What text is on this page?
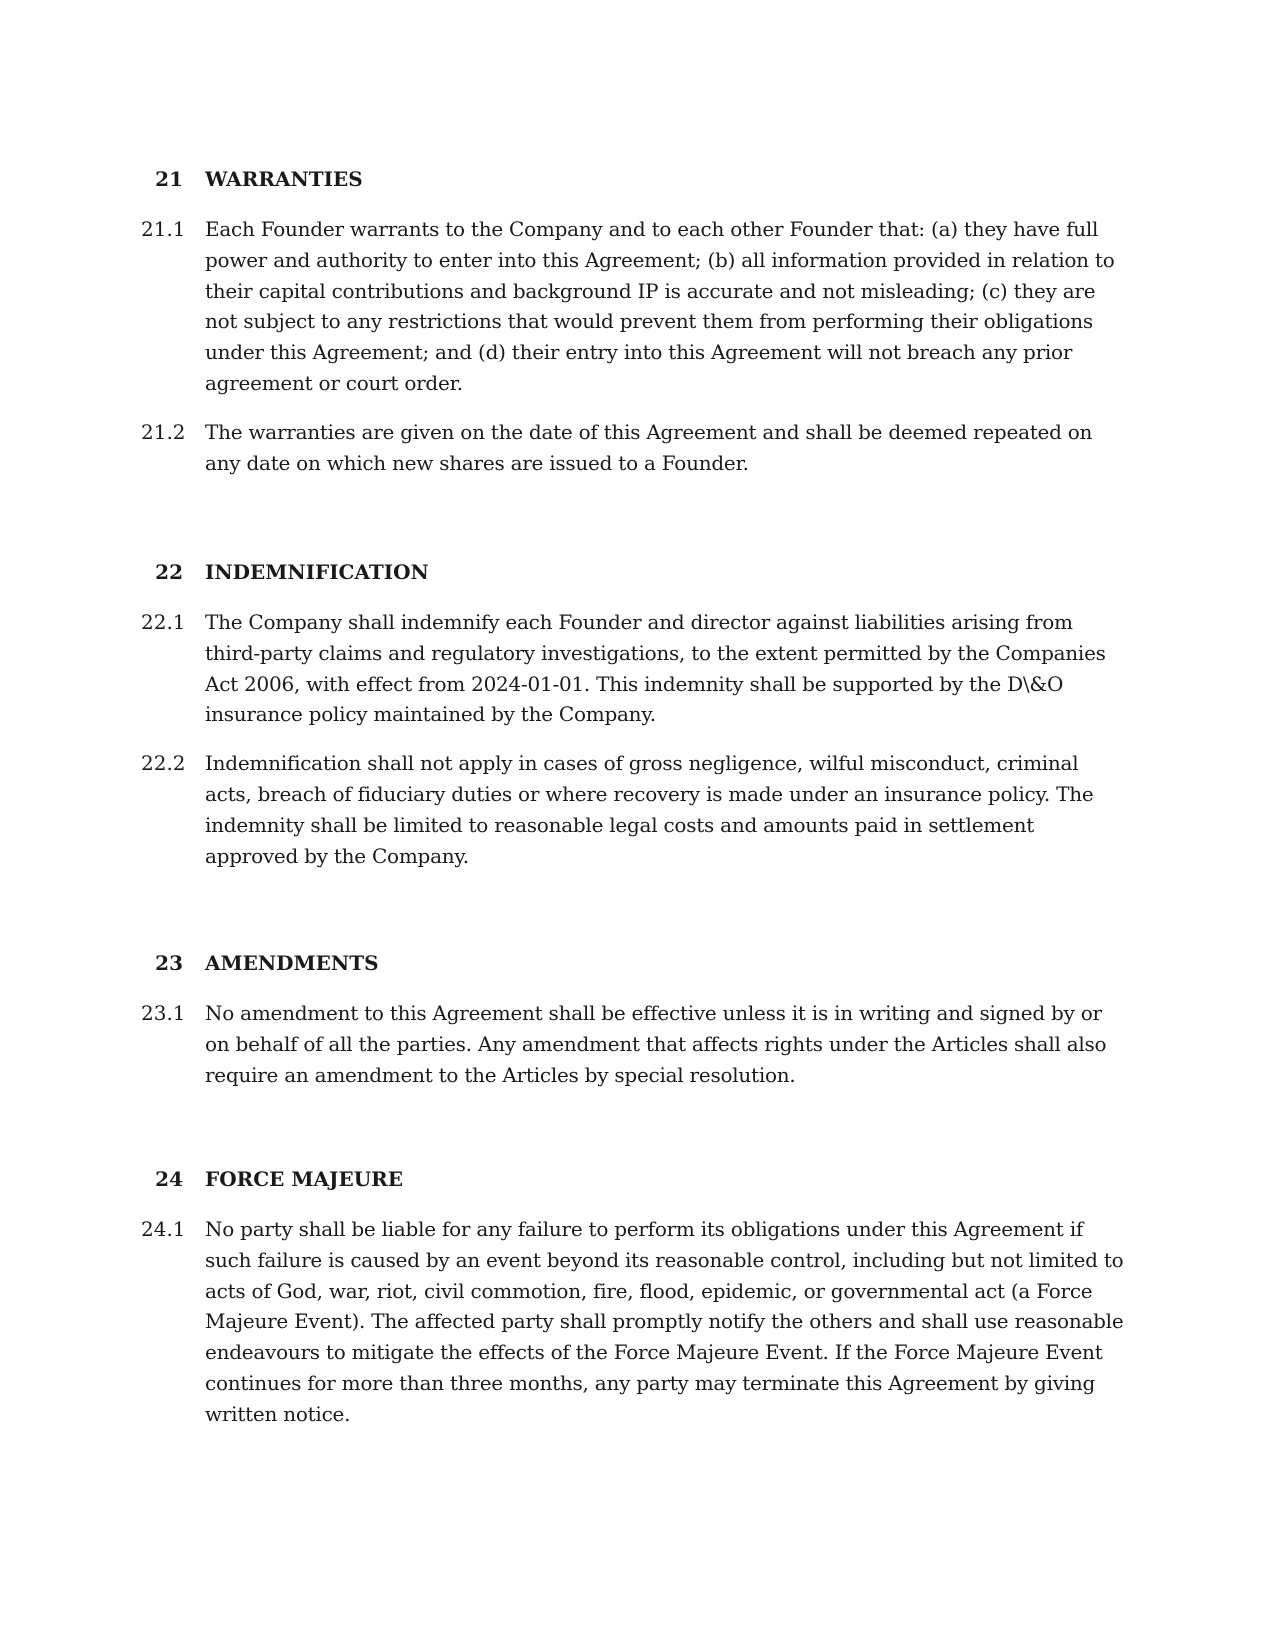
21 WARRANTIES
21.1 Each Founder warrants to the Company and to each other Founder that: (a) they have full power and authority to enter into this Agreement; (b) all information provided in relation to their capital contributions and background IP is accurate and not misleading; (c) they are not subject to any restrictions that would prevent them from performing their obligations under this Agreement; and (d) their entry into this Agreement will not breach any prior agreement or court order.
21.2 The warranties are given on the date of this Agreement and shall be deemed repeated on any date on which new shares are issued to a Founder.
22 INDEMNIFICATION
22.1 The Company shall indemnify each Founder and director against liabilities arising from third-party claims and regulatory investigations, to the extent permitted by the Companies Act 2006, with effect from 2024-01-01. This indemnity shall be supported by the D\&O insurance policy maintained by the Company.
22.2 Indemnification shall not apply in cases of gross negligence, wilful misconduct, criminal acts, breach of fiduciary duties or where recovery is made under an insurance policy. The indemnity shall be limited to reasonable legal costs and amounts paid in settlement approved by the Company.
23 AMENDMENTS
23.1 No amendment to this Agreement shall be effective unless it is in writing and signed by or on behalf of all the parties. Any amendment that affects rights under the Articles shall also require an amendment to the Articles by special resolution.
24 FORCE MAJEURE
24.1 No party shall be liable for any failure to perform its obligations under this Agreement if such failure is caused by an event beyond its reasonable control, including but not limited to acts of God, war, riot, civil commotion, fire, flood, epidemic, or governmental act (a Force Majeure Event). The affected party shall promptly notify the others and shall use reasonable endeavours to mitigate the effects of the Force Majeure Event. If the Force Majeure Event continues for more than three months, any party may terminate this Agreement by giving written notice.
